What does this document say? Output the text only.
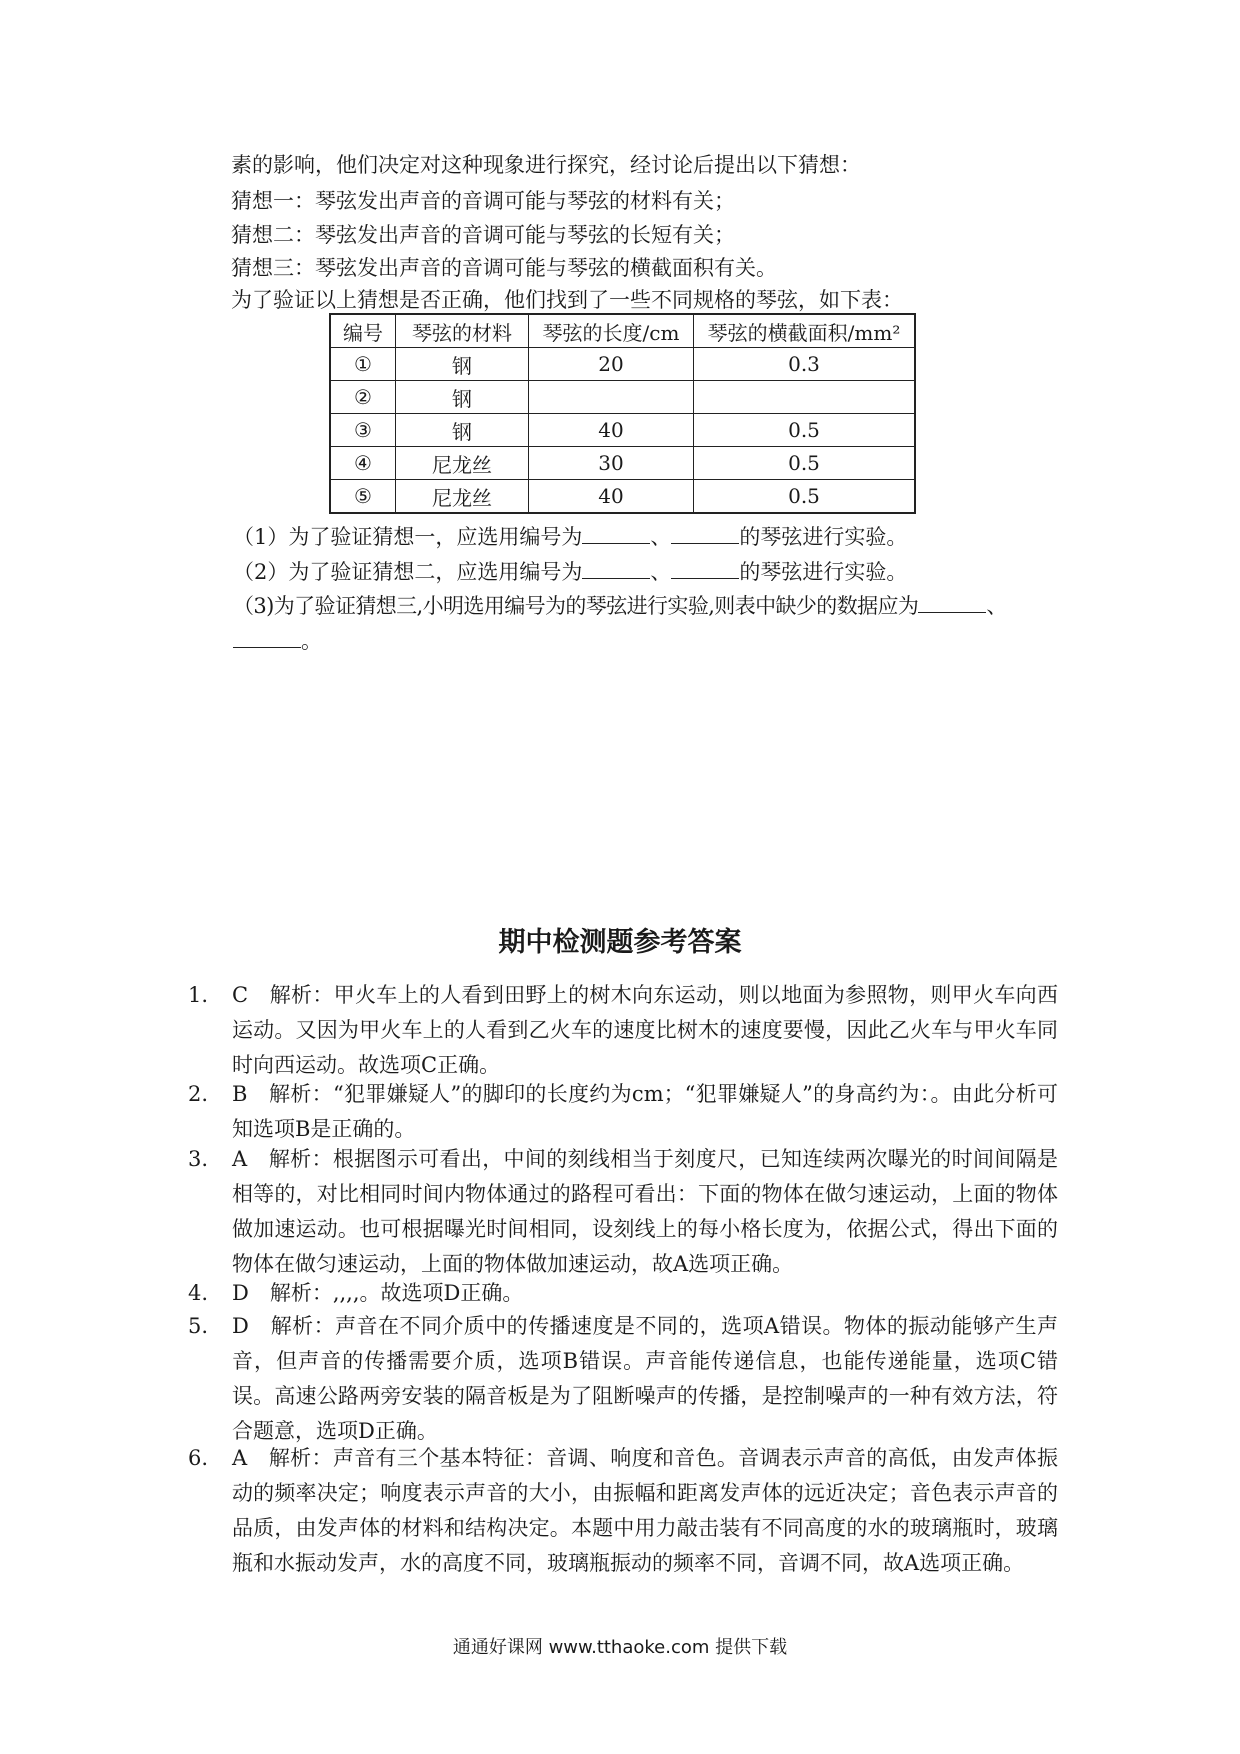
素的影响，他们决定对这种现象进行探究，经讨论后提出以下猜想：
猜想一：琴弦发出声音的音调可能与琴弦的材料有关；
猜想二：琴弦发出声音的音调可能与琴弦的长短有关；
猜想三：琴弦发出声音的音调可能与琴弦的横截面积有关。
为了验证以上猜想是否正确，他们找到了一些不同规格的琴弦，如下表：
编号	琴弦的材料	琴弦的长度/cm	琴弦的横截面积/mm²
①	钢	20	0.3
②	钢		
③	钢	40	0.5
④	尼龙丝	30	0.5
⑤	尼龙丝	40	0.5
（1）为了验证猜想一，应选用编号为	、	的琴弦进行实验。
（2）为了验证猜想二，应选用编号为	、	的琴弦进行实验。
（3)为了验证猜想三,小明选用编号为的琴弦进行实验,则表中缺少的数据应为	、
。
期中检测题参考答案
1. C　解析：甲火车上的人看到田野上的树木向东运动，则以地面为参照物，则甲火车向西运动。又因为甲火车上的人看到乙火车的速度比树木的速度要慢，因此乙火车与甲火车同时向西运动。故选项C正确。
2. B　解析：“犯罪嫌疑人”的脚印的长度约为cm；“犯罪嫌疑人”的身高约为：。由此分析可知选项B是正确的。
3. A　解析：根据图示可看出，中间的刻线相当于刻度尺，已知连续两次曝光的时间间隔是相等的，对比相同时间内物体通过的路程可看出：下面的物体在做匀速运动，上面的物体做加速运动。也可根据曝光时间相同，设刻线上的每小格长度为，依据公式，得出下面的物体在做匀速运动，上面的物体做加速运动，故A选项正确。
4. D　解析：,,,,。故选项D正确。
5. D　解析：声音在不同介质中的传播速度是不同的，选项A错误。物体的振动能够产生声音，但声音的传播需要介质，选项B错误。声音能传递信息，也能传递能量，选项C错误。高速公路两旁安装的隔音板是为了阻断噪声的传播，是控制噪声的一种有效方法，符合题意，选项D正确。
6. A　解析：声音有三个基本特征：音调、响度和音色。音调表示声音的高低，由发声体振动的频率决定；响度表示声音的大小，由振幅和距离发声体的远近决定；音色表示声音的品质，由发声体的材料和结构决定。本题中用力敲击装有不同高度的水的玻璃瓶时，玻璃瓶和水振动发声，水的高度不同，玻璃瓶振动的频率不同，音调不同，故A选项正确。
通通好课网 www.tthaoke.com 提供下载
